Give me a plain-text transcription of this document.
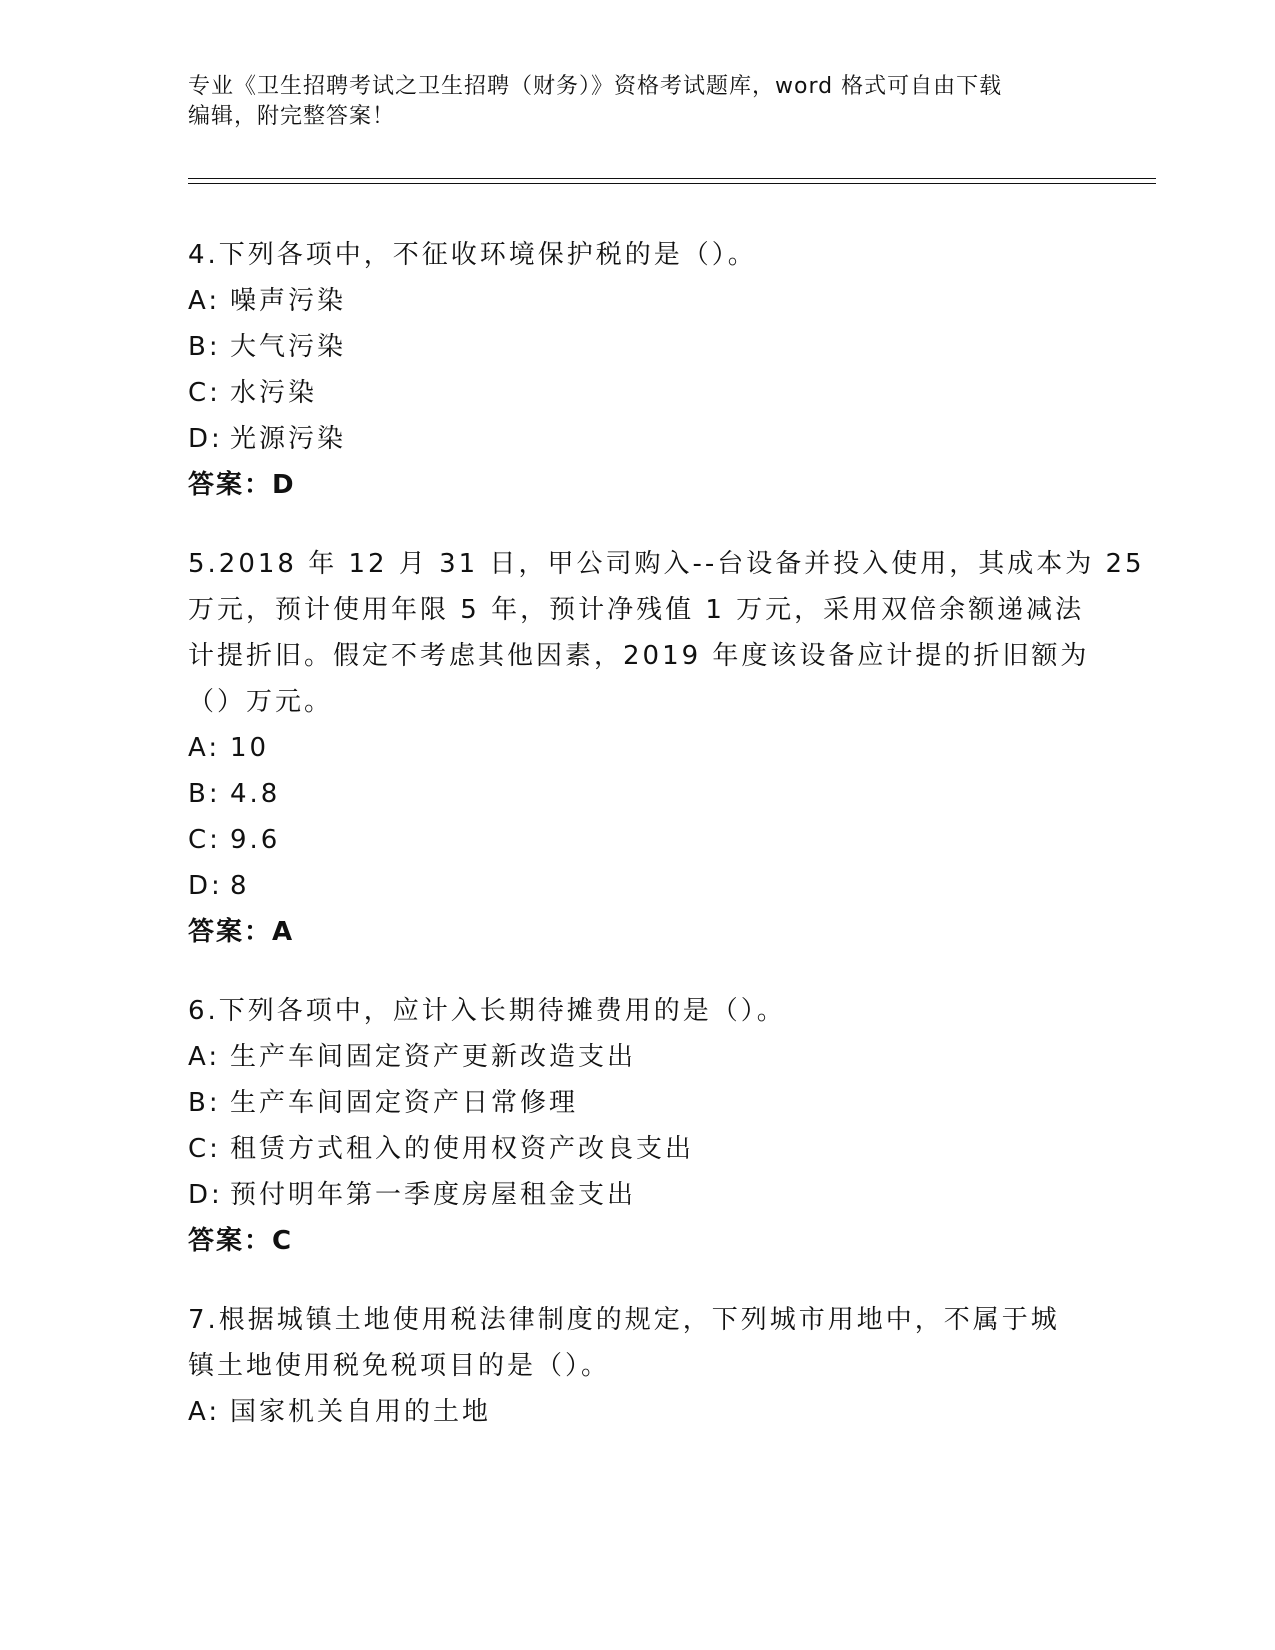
专业《卫生招聘考试之卫生招聘（财务）》资格考试题库，word 格式可自由下载
编辑，附完整答案！
4.下列各项中，不征收环境保护税的是（）。
A: 噪声污染
B: 大气污染
C: 水污染
D: 光源污染
答案：D
5.2018 年 12 月 31 日，甲公司购入--台设备并投入使用，其成本为 25
万元，预计使用年限 5 年，预计净残值 1 万元，采用双倍余额递减法
计提折旧。假定不考虑其他因素，2019 年度该设备应计提的折旧额为
（）万元。
A: 10
B: 4.8
C: 9.6
D: 8
答案：A
6.下列各项中，应计入长期待摊费用的是（）。
A: 生产车间固定资产更新改造支出
B: 生产车间固定资产日常修理
C: 租赁方式租入的使用权资产改良支出
D: 预付明年第一季度房屋租金支出
答案：C
7.根据城镇土地使用税法律制度的规定，下列城市用地中，不属于城
镇土地使用税免税项目的是（）。
A: 国家机关自用的土地
